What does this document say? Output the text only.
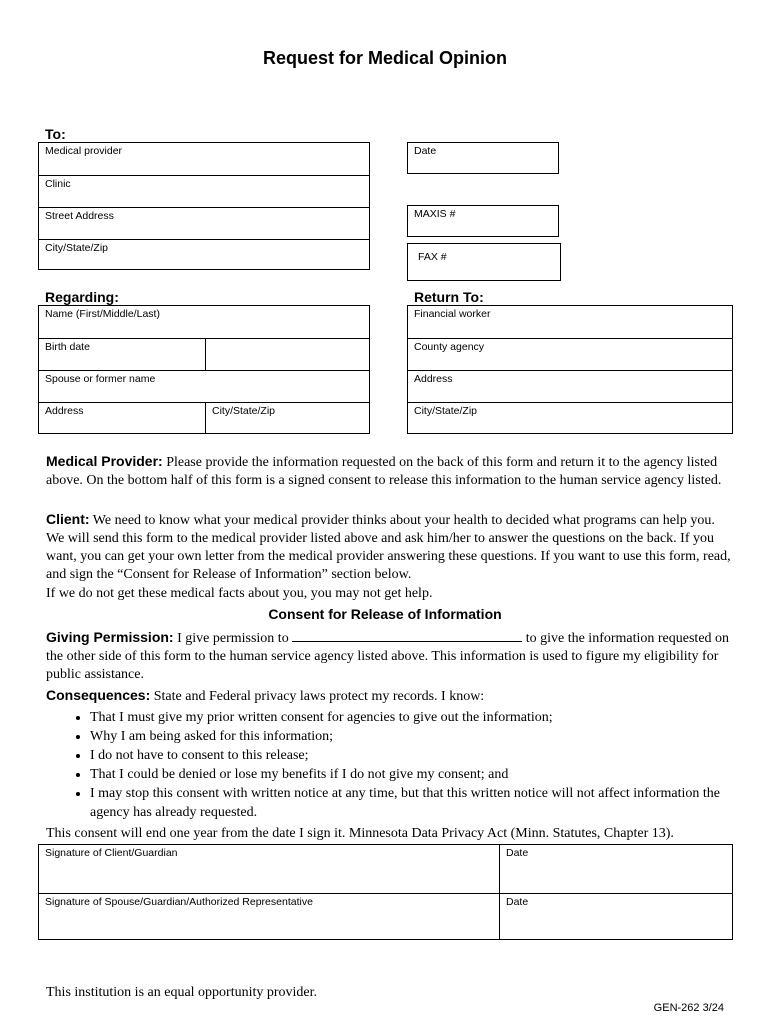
Request for Medical Opinion
To:
Medical provider
Clinic
Street Address
City/State/Zip
Date
MAXIS #
FAX #
Regarding:
Name (First/Middle/Last)
Birth date
Spouse or former name
Address	City/State/Zip
Return To:
Financial worker
County agency
Address
City/State/Zip
Medical Provider: Please provide the information requested on the back of this form and return it to the agency listed above. On the bottom half of this form is a signed consent to release this information to the human service agency listed.
Client: We need to know what your medical provider thinks about your health to decided what programs can help you. We will send this form to the medical provider listed above and ask him/her to answer the questions on the back. If you want, you can get your own letter from the medical provider answering these questions. If you want to use this form, read, and sign the “Consent for Release of Information” section below.
If we do not get these medical facts about you, you may not get help.
Consent for Release of Information
Giving Permission: I give permission to	to give the information requested on the other side of this form to the human service agency listed above. This information is used to figure my eligibility for public assistance.
Consequences: State and Federal privacy laws protect my records. I know:
• That I must give my prior written consent for agencies to give out the information;
• Why I am being asked for this information;
• I do not have to consent to this release;
• That I could be denied or lose my benefits if I do not give my consent; and
• I may stop this consent with written notice at any time, but that this written notice will not affect information the agency has already requested.
This consent will end one year from the date I sign it. Minnesota Data Privacy Act (Minn. Statutes, Chapter 13).
Signature of Client/Guardian	Date
Signature of Spouse/Guardian/Authorized Representative	Date
This institution is an equal opportunity provider.
GEN-262 3/24
